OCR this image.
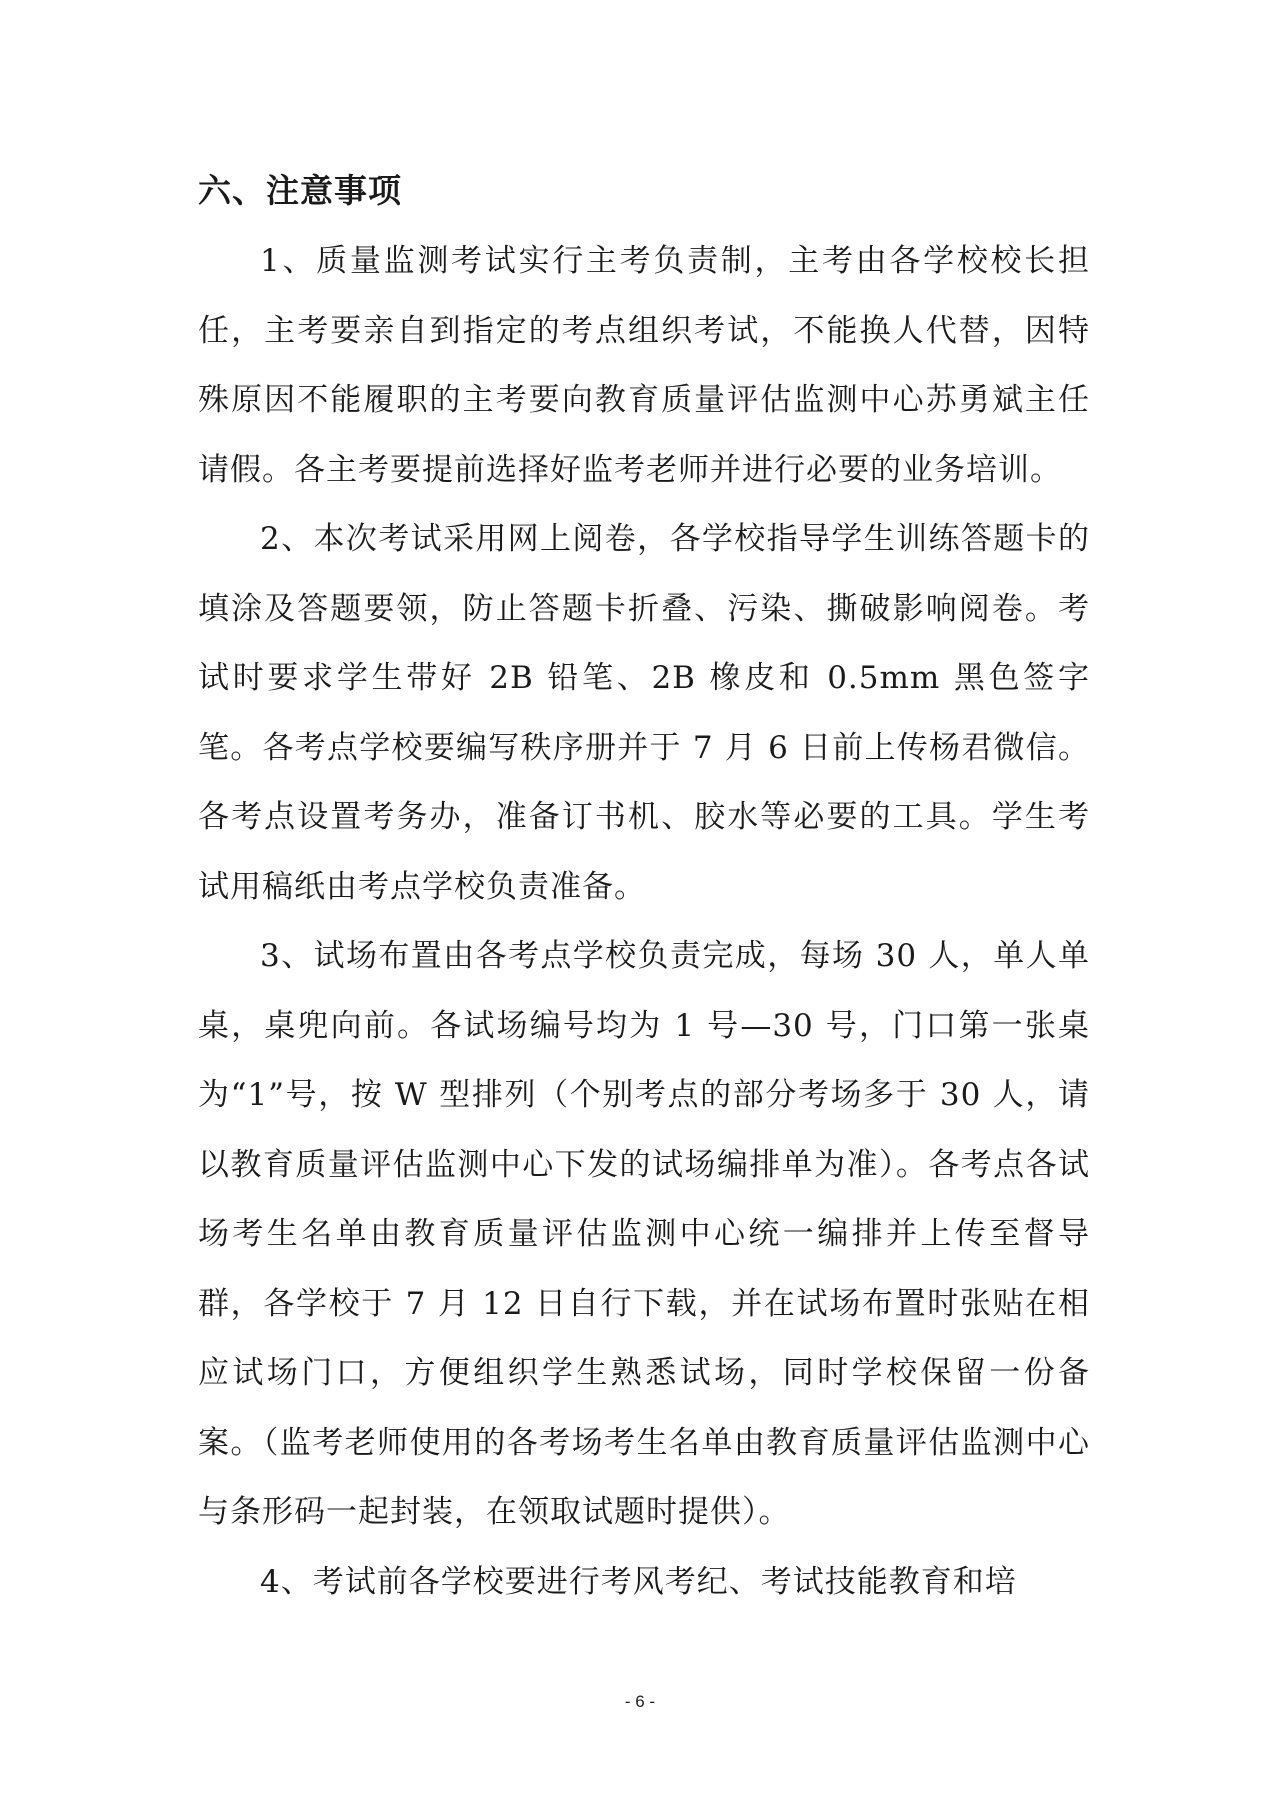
六、注意事项

1、质量监测考试实行主考负责制，主考由各学校校长担任，主考要亲自到指定的考点组织考试，不能换人代替，因特殊原因不能履职的主考要向教育质量评估监测中心苏勇斌主任请假。各主考要提前选择好监考老师并进行必要的业务培训。

2、本次考试采用网上阅卷，各学校指导学生训练答题卡的填涂及答题要领，防止答题卡折叠、污染、撕破影响阅卷。考试时要求学生带好 2B 铅笔、2B 橡皮和 0.5mm 黑色签字笔。各考点学校要编写秩序册并于 7 月 6 日前上传杨君微信。各考点设置考务办，准备订书机、胶水等必要的工具。学生考试用稿纸由考点学校负责准备。

3、试场布置由各考点学校负责完成，每场 30 人，单人单桌，桌兜向前。各试场编号均为 1 号—30 号，门口第一张桌为“1”号，按 W 型排列（个别考点的部分考场多于 30 人，请以教育质量评估监测中心下发的试场编排单为准）。各考点各试场考生名单由教育质量评估监测中心统一编排并上传至督导群，各学校于 7 月 12 日自行下载，并在试场布置时张贴在相应试场门口，方便组织学生熟悉试场，同时学校保留一份备案。（监考老师使用的各考场考生名单由教育质量评估监测中心与条形码一起封装，在领取试题时提供）。

4、考试前各学校要进行考风考纪、考试技能教育和培

- 6 -
